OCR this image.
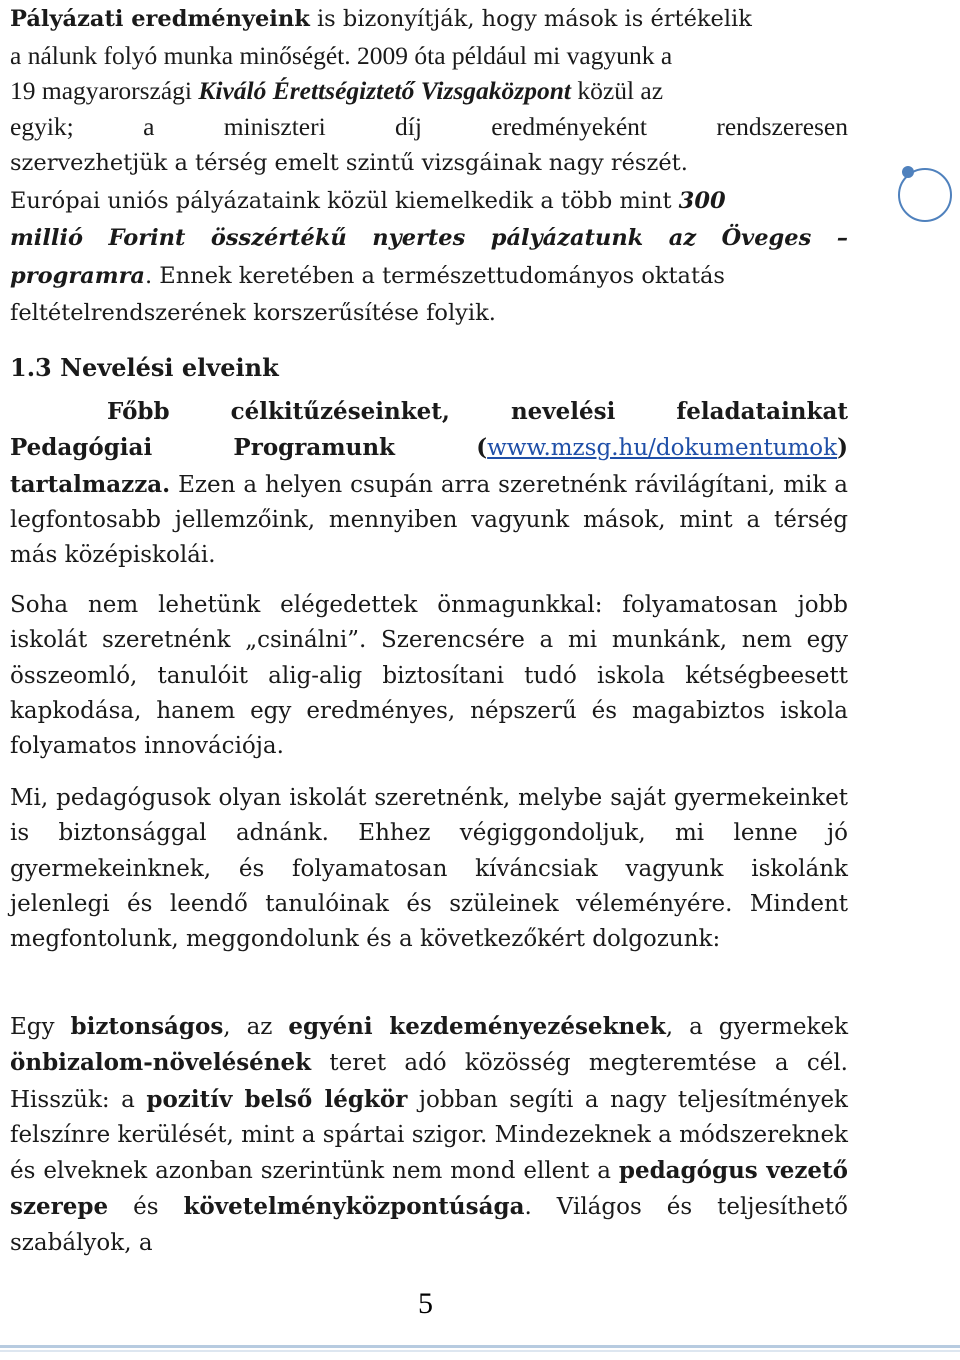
Pályázati eredményeink is bizonyítják, hogy mások is értékelik
a nálunk folyó munka minőségét. 2009 óta például mi vagyunk a
19 magyarországi Kiváló Érettségiztető Vizsgaközpont közül az
egyik; a miniszteri díj eredményeként rendszeresen
szervezhetjük a térség emelt szintű vizsgáinak nagy részét.
Európai uniós pályázataink közül kiemelkedik a több mint 300
millió Forint összértékű nyertes pályázatunk az Öveges –
programra. Ennek keretében a természettudományos oktatás
feltételrendszerének korszerűsítése folyik.

1.3 Nevelési elveink

Főbb célkitűzéseinket, nevelési feladatainkat
Pedagógiai Programunk (www.mzsg.hu/dokumentumok)
tartalmazza. Ezen a helyen csupán arra szeretnénk rávilágítani, mik a legfontosabb jellemzőink, mennyiben vagyunk mások, mint a térség más középiskolái.

Soha nem lehetünk elégedettek önmagunkkal: folyamatosan jobb iskolát szeretnénk „csinálni”. Szerencsére a mi munkánk, nem egy összeomló, tanulóit alig-alig biztosítani tudó iskola kétségbeesett kapkodása, hanem egy eredményes, népszerű és magabiztos iskola folyamatos innovációja.

Mi, pedagógusok olyan iskolát szeretnénk, melybe saját gyermekeinket is biztonsággal adnánk. Ehhez végiggondoljuk, mi lenne jó gyermekeinknek, és folyamatosan kíváncsiak vagyunk iskolánk jelenlegi és leendő tanulóinak és szüleinek véleményére. Mindent megfontolunk, meggondolunk és a következőkért dolgozunk:

Egy biztonságos, az egyéni kezdeményezéseknek, a gyermekek önbizalom-növelésének teret adó közösség megteremtése a cél. Hisszük: a pozitív belső légkör jobban segíti a nagy teljesítmények felszínre kerülését, mint a spártai szigor. Mindezeknek a módszereknek és elveknek azonban szerintünk nem mond ellent a pedagógus vezető szerepe és követelményközpontúsága. Világos és teljesíthető szabályok, a

5
